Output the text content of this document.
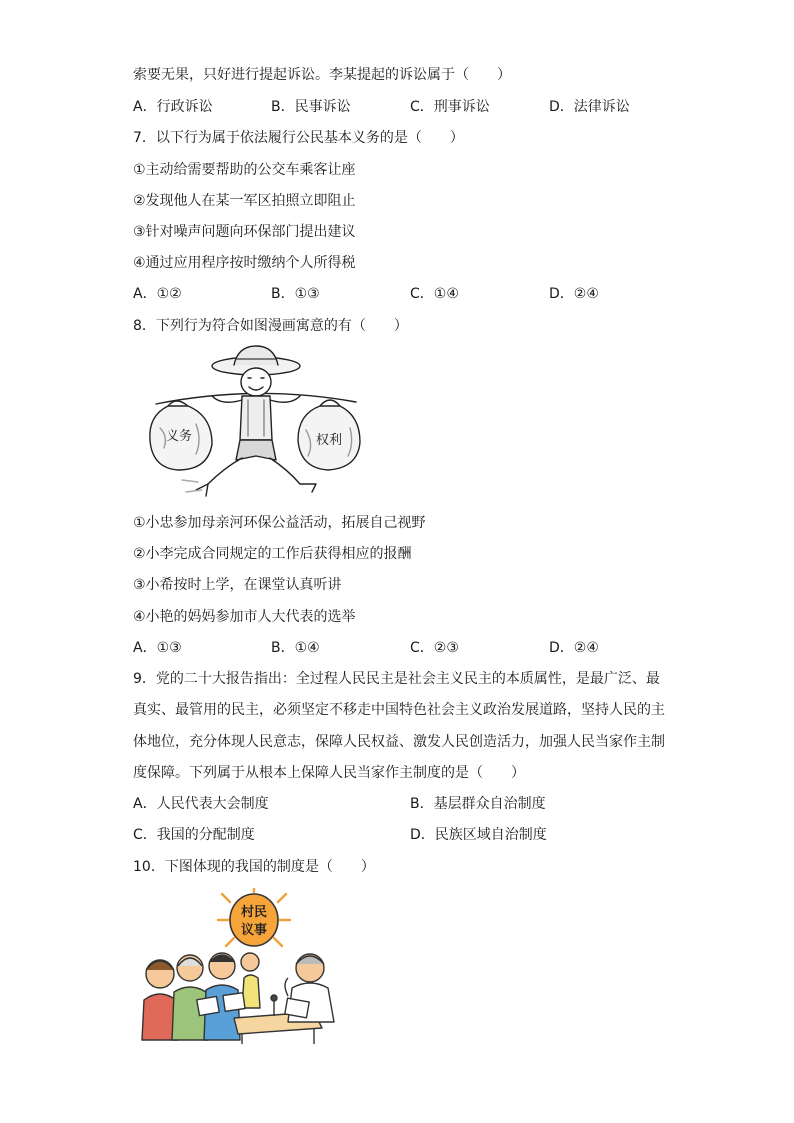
索要无果，只好进行提起诉讼。李某提起的诉讼属于（　　）
A．行政诉讼	B．民事诉讼	C．刑事诉讼	D．法律诉讼
7．以下行为属于依法履行公民基本义务的是（　　）
①主动给需要帮助的公交车乘客让座
②发现他人在某一军区拍照立即阻止
③针对噪声问题向环保部门提出建议
④通过应用程序按时缴纳个人所得税
A．①②	B．①③	C．①④	D．②④
8．下列行为符合如图漫画寓意的有（　　）
义务	权利
①小忠参加母亲河环保公益活动，拓展自己视野
②小李完成合同规定的工作后获得相应的报酬
③小希按时上学，在课堂认真听讲
④小艳的妈妈参加市人大代表的选举
A．①③	B．①④	C．②③	D．②④
9．党的二十大报告指出：全过程人民民主是社会主义民主的本质属性，是最广泛、最
真实、最管用的民主，必须坚定不移走中国特色社会主义政治发展道路，坚持人民的主
体地位，充分体现人民意志，保障人民权益、激发人民创造活力，加强人民当家作主制
度保障。下列属于从根本上保障人民当家作主制度的是（　　）
A．人民代表大会制度	B．基层群众自治制度
C．我国的分配制度	D．民族区域自治制度
10．下图体现的我国的制度是（　　）
村民
议事
